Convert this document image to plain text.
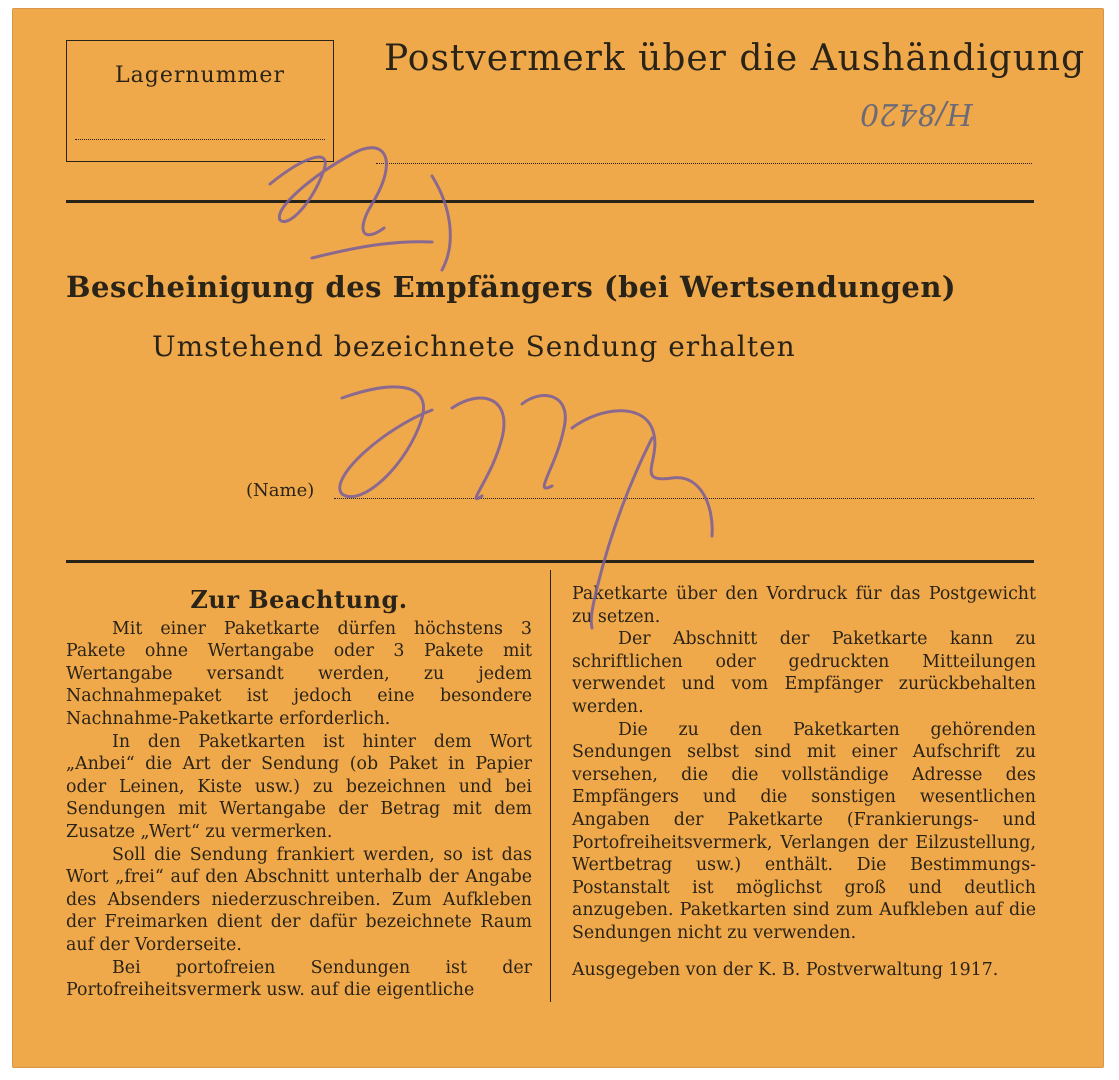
Lagernummer	Postvermerk über die Aushändigung
H/8420
Bescheinigung des Empfängers (bei Wertsendungen)
Umstehend bezeichnete Sendung erhalten
(Name)

Zur Beachtung.

Mit einer Paketkarte dürfen höchstens 3 Pakete ohne Wertangabe oder 3 Pakete mit Wertangabe versandt werden, zu jedem Nachnahmepaket ist jedoch eine besondere Nachnahme-Paketkarte erforderlich.

In den Paketkarten ist hinter dem Wort „Anbei“ die Art der Sendung (ob Paket in Papier oder Leinen, Kiste usw.) zu bezeichnen und bei Sendungen mit Wertangabe der Betrag mit dem Zusatze „Wert“ zu vermerken.

Soll die Sendung frankiert werden, so ist das Wort „frei“ auf den Abschnitt unterhalb der Angabe des Absenders niederzuschreiben. Zum Aufkleben der Freimarken dient der dafür bezeichnete Raum auf der Vorderseite.

Bei portofreien Sendungen ist der Portofreiheitsvermerk usw. auf die eigentliche

Paketkarte über den Vordruck für das Postgewicht zu setzen.

Der Abschnitt der Paketkarte kann zu schriftlichen oder gedruckten Mitteilungen verwendet und vom Empfänger zurückbehalten werden.

Die zu den Paketkarten gehörenden Sendungen selbst sind mit einer Aufschrift zu versehen, die die vollständige Adresse des Empfängers und die sonstigen wesentlichen Angaben der Paketkarte (Frankierungs- und Portofreiheitsvermerk, Verlangen der Eilzustellung, Wertbetrag usw.) enthält. Die Bestimmungs-Postanstalt ist möglichst groß und deutlich anzugeben. Paketkarten sind zum Aufkleben auf die Sendungen nicht zu verwenden.

Ausgegeben von der K. B. Postverwaltung 1917.
